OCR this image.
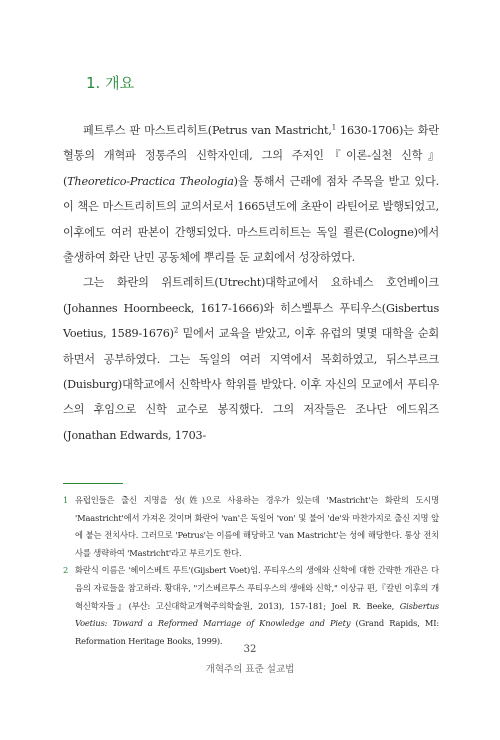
1. 개요

페트루스 판 마스트리히트(Petrus van Mastricht,$^1$ 1630-1706)는 화란 혈통의 개혁파 정통주의 신학자인데, 그의 주저인『이론-실천 신학』(Theoretico-Practica Theologia)을 통해서 근래에 점차 주목을 받고 있다. 이 책은 마스트리히트의 교의서로서 1665년도에 초판이 라틴어로 발행되었고, 이후에도 여러 판본이 간행되었다. 마스트리히트는 독일 쾰른(Cologne)에서 출생하여 화란 난민 공동체에 뿌리를 둔 교회에서 성장하였다.

그는 화란의 위트레히트(Utrecht)대학교에서 요하네스 호언베이크(Johannes Hoornbeeck, 1617-1666)와 히스벨투스 푸티우스(Gisbertus Voetius, 1589-1676)$^2$ 밑에서 교육을 받았고, 이후 유럽의 몇몇 대학을 순회하면서 공부하였다. 그는 독일의 여러 지역에서 목회하였고, 뒤스부르크(Duisburg)대학교에서 신학박사 학위를 받았다. 이후 자신의 모교에서 푸티우스의 후임으로 신학 교수로 봉직했다. 그의 저작들은 조나단 에드워즈(Jonathan Edwards, 1703-

1 유럽인들은 출신 지명을 성(姓)으로 사용하는 경우가 있는데 'Mastricht'는 화란의 도시명 'Maastricht'에서 가져온 것이며 화란어 'van'은 독일어 'von' 및 불어 'de'와 마찬가지로 출신 지명 앞에 붙는 전치사다. 그러므로 'Petrus'는 이름에 해당하고 'van Mastricht'는 성에 해당한다. 통상 전치사를 생략하여 'Mastricht'라고 부르기도 한다.
2 화란식 이름은 '헤이스베트 푸트'(Gijsbert Voet)임. 푸티우스의 생애와 신학에 대한 간략한 개관은 다음의 자료들을 참고하라. 황대우, "기스베르투스 푸티우스의 생애와 신학," 이상규 편,『칼빈 이후의 개혁신학자들』(부산: 고신대학교개혁주의학술원, 2013), 157-181; Joel R. Beeke, Gisbertus Voetius: Toward a Reformed Marriage of Knowledge and Piety (Grand Rapids, MI: Reformation Heritage Books, 1999).
32
개혁주의 표준 설교법
